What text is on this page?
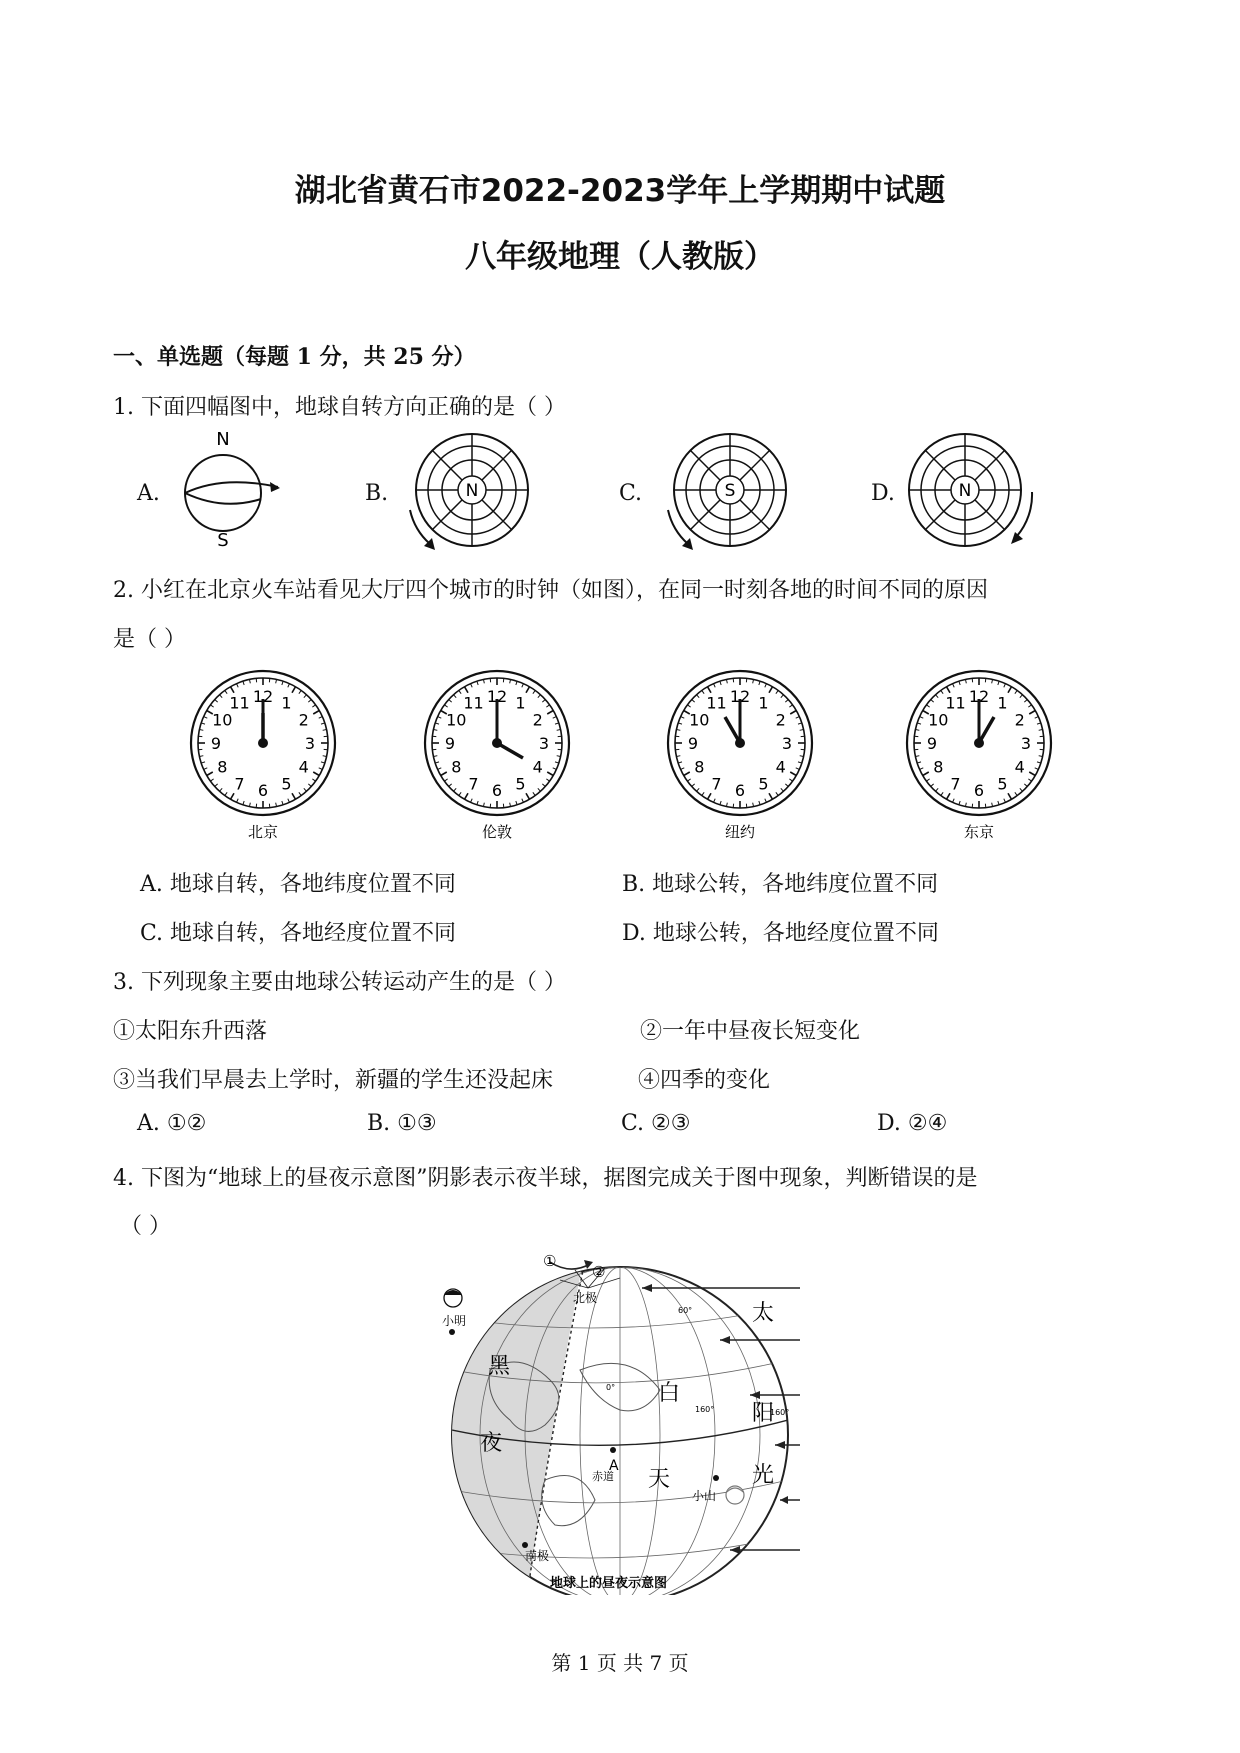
湖北省黄石市2022-2023学年上学期期中试题
八年级地理（人教版）
一、单选题（每题 1 分，共 25 分）
1. 下面四幅图中，地球自转方向正确的是（ ）
A.	B.	C.	D.
N
S
N	S	N
2. 小红在北京火车站看见大厅四个城市的时钟（如图），在同一时刻各地的时间不同的原因
是（ ）
12 1
2
3
4
5
6
7
8
9
10
11
北京
12 1
2
3
4
5
6
7
8
9
10
11
伦敦
12 1
2
3
4
5
6
7
8
9
10
11
纽约
12 1
2
3
4
5
6
7
8
9
10
11
东京
A. 地球自转，各地纬度位置不同	B. 地球公转，各地纬度位置不同
C. 地球自转，各地经度位置不同	D. 地球公转，各地经度位置不同
3. 下列现象主要由地球公转运动产生的是（ ）
①太阳东升西落	②一年中昼夜长短变化
③当我们早晨去上学时，新疆的学生还没起床	④四季的变化
A. ①②	B. ①③	C. ②③	D. ②④
4. 下图为“地球上的昼夜示意图”阴影表示夜半球，据图完成关于图中现象，判断错误的是
（ ）
①
②
北极
南极
赤道
A
160°	160°
60°
0°
黑
夜
白
天
小明
小山
太
阳
光
地球上的昼夜示意图
第 1 页 共 7 页
